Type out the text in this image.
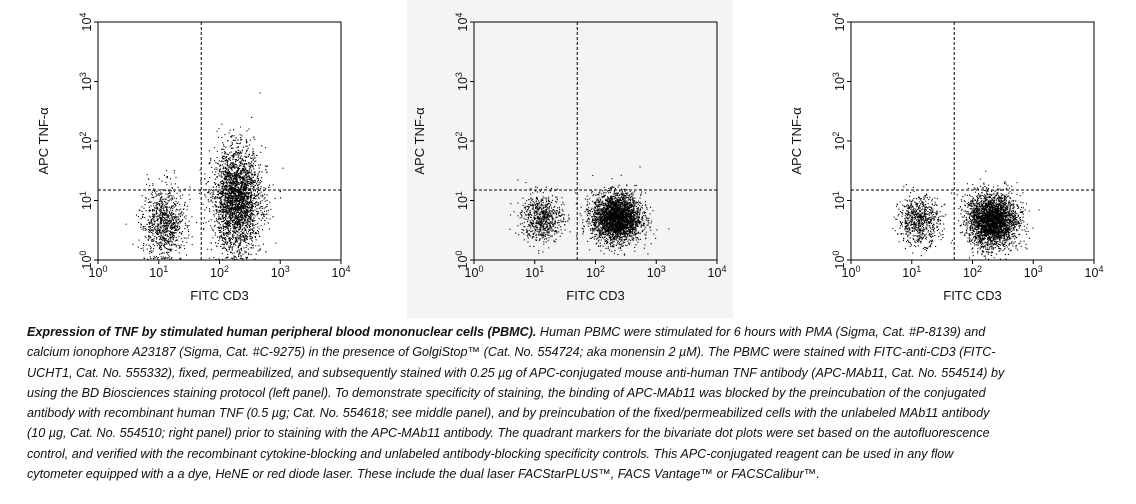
$10^0$	$10^1$	$10^2$	$10^3$	$10^4$
$10^0$
$10^1$
$10^2$
$10^3$
$10^4$
FITC CD3
APC TNF-α
$10^0$	$10^1$	$10^2$	$10^3$	$10^4$
$10^0$
$10^1$
$10^2$
$10^3$
$10^4$
FITC CD3
APC TNF-α
$10^0$	$10^1$	$10^2$	$10^3$	$10^4$
$10^0$
$10^1$
$10^2$
$10^3$
$10^4$
FITC CD3
APC TNF-α
Expression of TNF by stimulated human peripheral blood mononuclear cells (PBMC). Human PBMC were stimulated for 6 hours with PMA (Sigma, Cat. #P-8139) and calcium ionophore A23187 (Sigma, Cat. #C-9275) in the presence of GolgiStop™ (Cat. No. 554724; aka monensin 2 µM). The PBMC were stained with FITC-anti-CD3 (FITC-UCHT1, Cat. No. 555332), fixed, permeabilized, and subsequently stained with 0.25 µg of APC-conjugated mouse anti-human TNF antibody (APC-MAb11, Cat. No. 554514) by using the BD Biosciences staining protocol (left panel). To demonstrate specificity of staining, the binding of APC-MAb11 was blocked by the preincubation of the conjugated antibody with recombinant human TNF (0.5 µg; Cat. No. 554618; see middle panel), and by preincubation of the fixed/permeabilized cells with the unlabeled MAb11 antibody (10 µg, Cat. No. 554510; right panel) prior to staining with the APC-MAb11 antibody. The quadrant markers for the bivariate dot plots were set based on the autofluorescence control, and verified with the recombinant cytokine-blocking and unlabeled antibody-blocking specificity controls. This APC-conjugated reagent can be used in any flow cytometer equipped with a a dye, HeNE or red diode laser. These include the dual laser FACStarPLUS™, FACS Vantage™ or FACSCalibur™.
